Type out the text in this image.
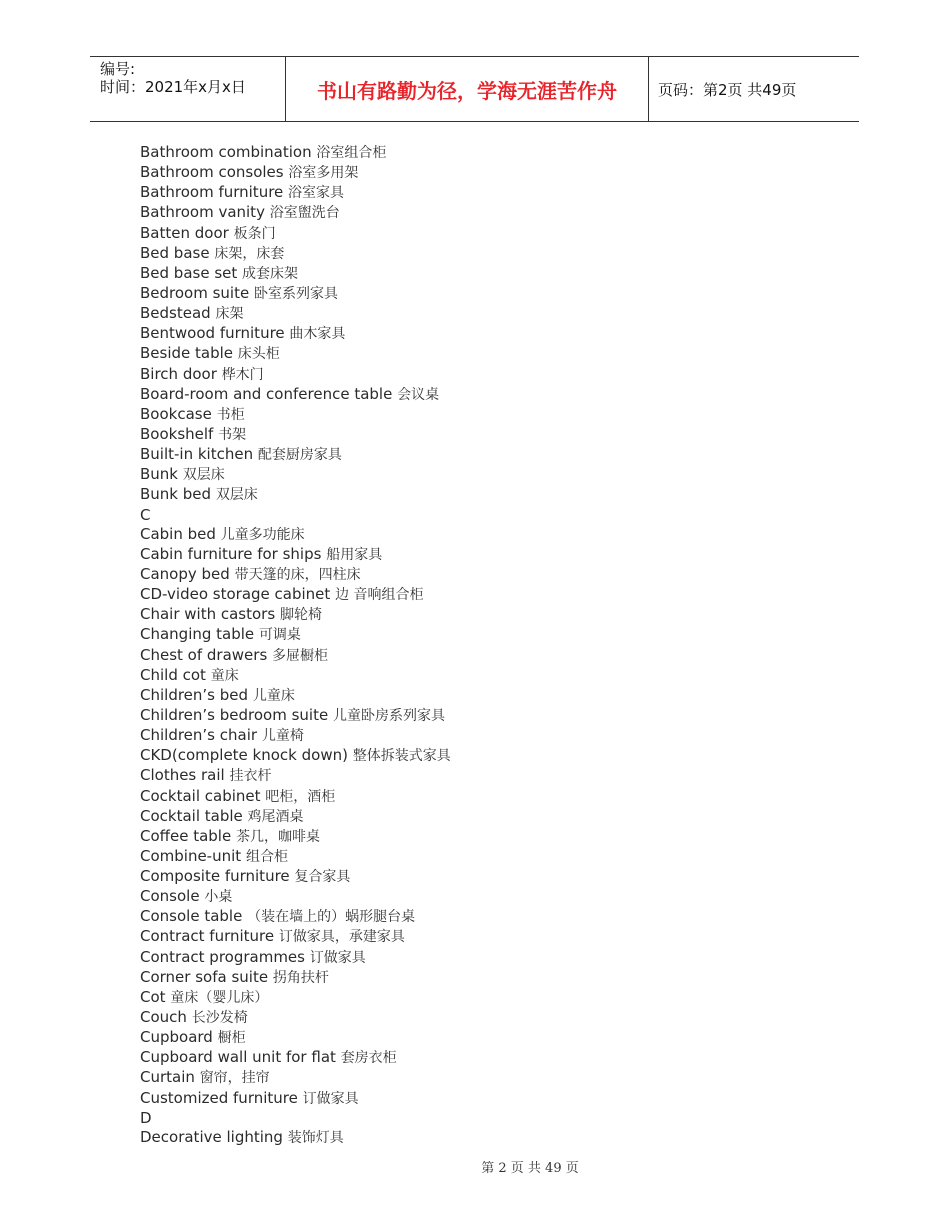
编号:
时间：2021年x月x日	书山有路勤为径，学海无涯苦作舟	页码：第2页 共49页
Bathroom combination 浴室组合柜
Bathroom consoles 浴室多用架
Bathroom furniture 浴室家具
Bathroom vanity 浴室盥洗台
Batten door 板条门
Bed base 床架，床套
Bed base set 成套床架
Bedroom suite 卧室系列家具
Bedstead 床架
Bentwood furniture 曲木家具
Beside table 床头柜
Birch door 桦木门
Board-room and conference table 会议桌
Bookcase 书柜
Bookshelf 书架
Built-in kitchen 配套厨房家具
Bunk 双层床
Bunk bed 双层床
C
Cabin bed 儿童多功能床
Cabin furniture for ships 船用家具
Canopy bed 带天篷的床，四柱床
CD-video storage cabinet 边 音响组合柜
Chair with castors 脚轮椅
Changing table 可调桌
Chest of drawers 多屉橱柜
Child cot 童床
Children’s bed 儿童床
Children’s bedroom suite 儿童卧房系列家具
Children’s chair 儿童椅
CKD(complete knock down) 整体拆装式家具
Clothes rail 挂衣杆
Cocktail cabinet 吧柜，酒柜
Cocktail table 鸡尾酒桌
Coffee table 茶几，咖啡桌
Combine-unit 组合柜
Composite furniture 复合家具
Console 小桌
Console table （装在墙上的）蜗形腿台桌
Contract furniture 订做家具，承建家具
Contract programmes 订做家具
Corner sofa suite 拐角扶杆
Cot 童床（婴儿床）
Couch 长沙发椅
Cupboard 橱柜
Cupboard wall unit for flat 套房衣柜
Curtain 窗帘，挂帘
Customized furniture 订做家具
D
Decorative lighting 装饰灯具
第 2 页 共 49 页
